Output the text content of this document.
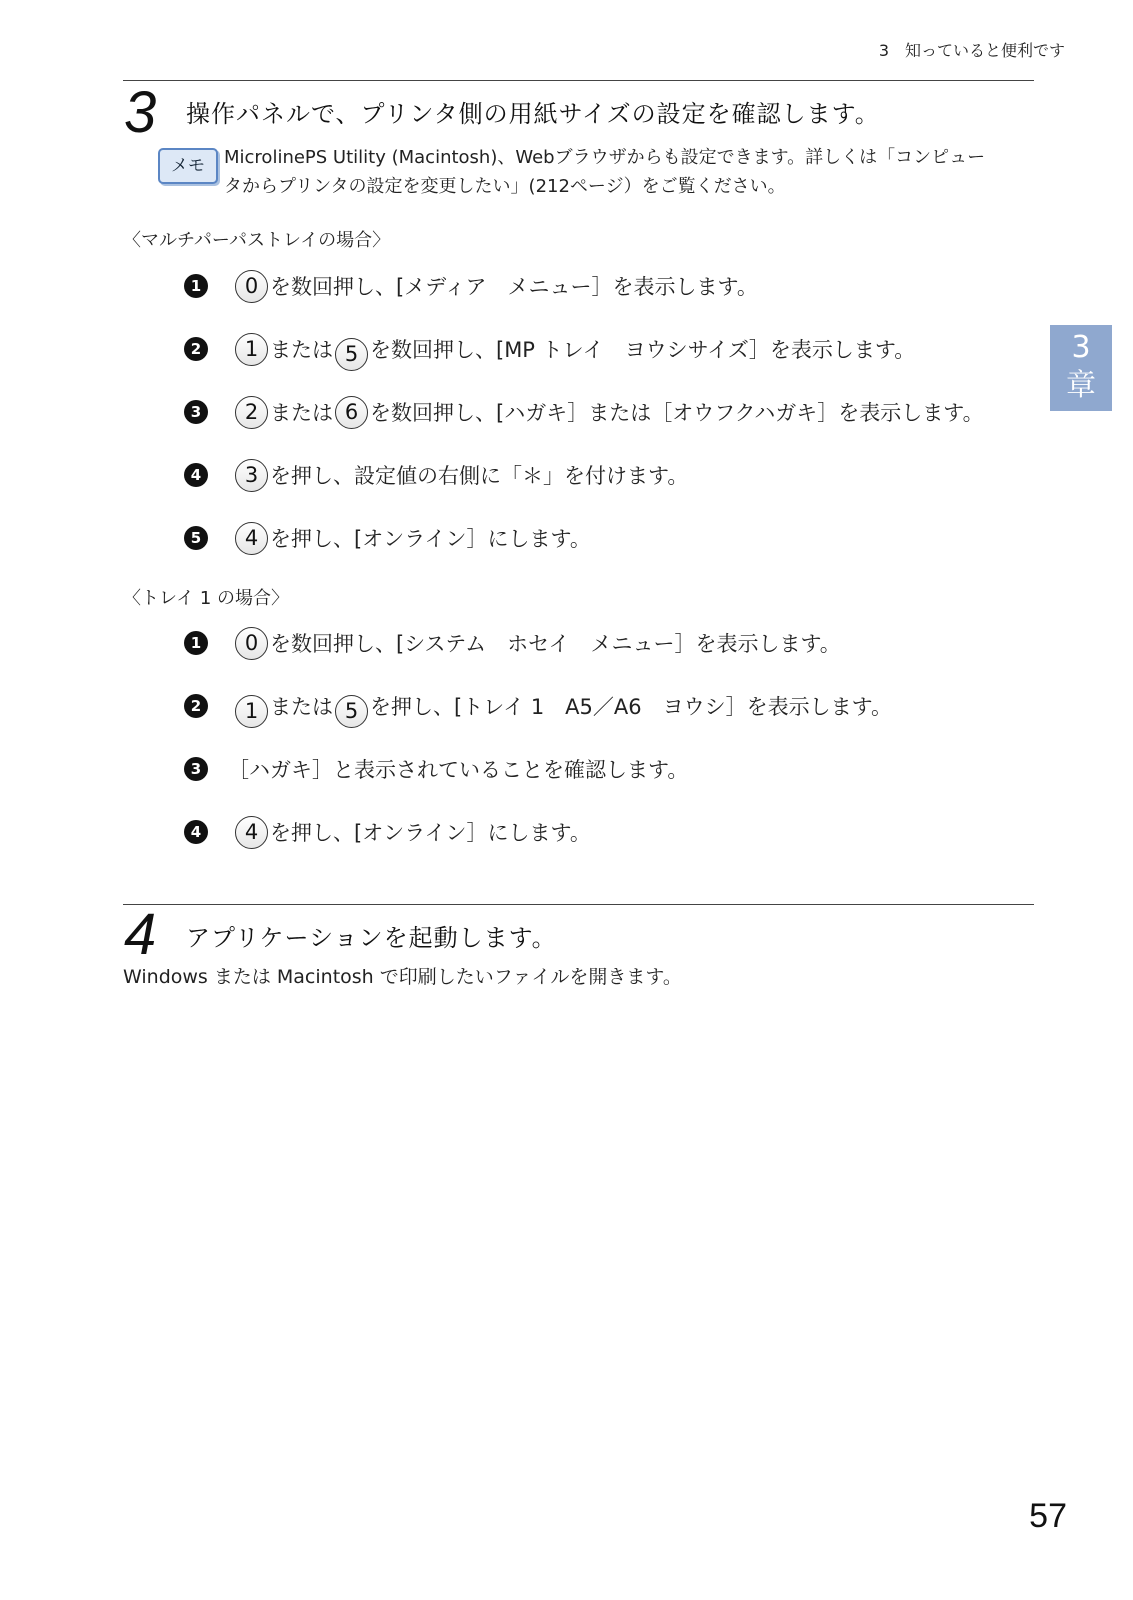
3　知っていると便利です
3 操作パネルで、プリンタ側の用紙サイズの設定を確認します。
メモ	MicrolinePS Utility (Macintosh)、Webブラウザからも設定できます。詳しくは「コンピュー
タからプリンタの設定を変更したい」(212ページ）をご覧ください。
〈マルチパーパストレイの場合〉
1	0 を数回押し、[メディア　メニュー］を表示します。
2	1 または 5 を数回押し、[MP トレイ　ヨウシサイズ］を表示します。
3	2 または 6 を数回押し、[ハガキ］または［オウフクハガキ］を表示します。
4	3 を押し、設定値の右側に「＊」を付けます。
5	4 を押し、[オンライン］にします。
〈トレイ 1 の場合〉
1	0 を数回押し、[システム　ホセイ　メニュー］を表示します。
2	1 または 5 を押し、[トレイ 1　A5／A6　ヨウシ］を表示します。
3	［ハガキ］と表示されていることを確認します。
4	4 を押し、[オンライン］にします。
4 アプリケーションを起動します。
Windows または Macintosh で印刷したいファイルを開きます。
3
章
57
